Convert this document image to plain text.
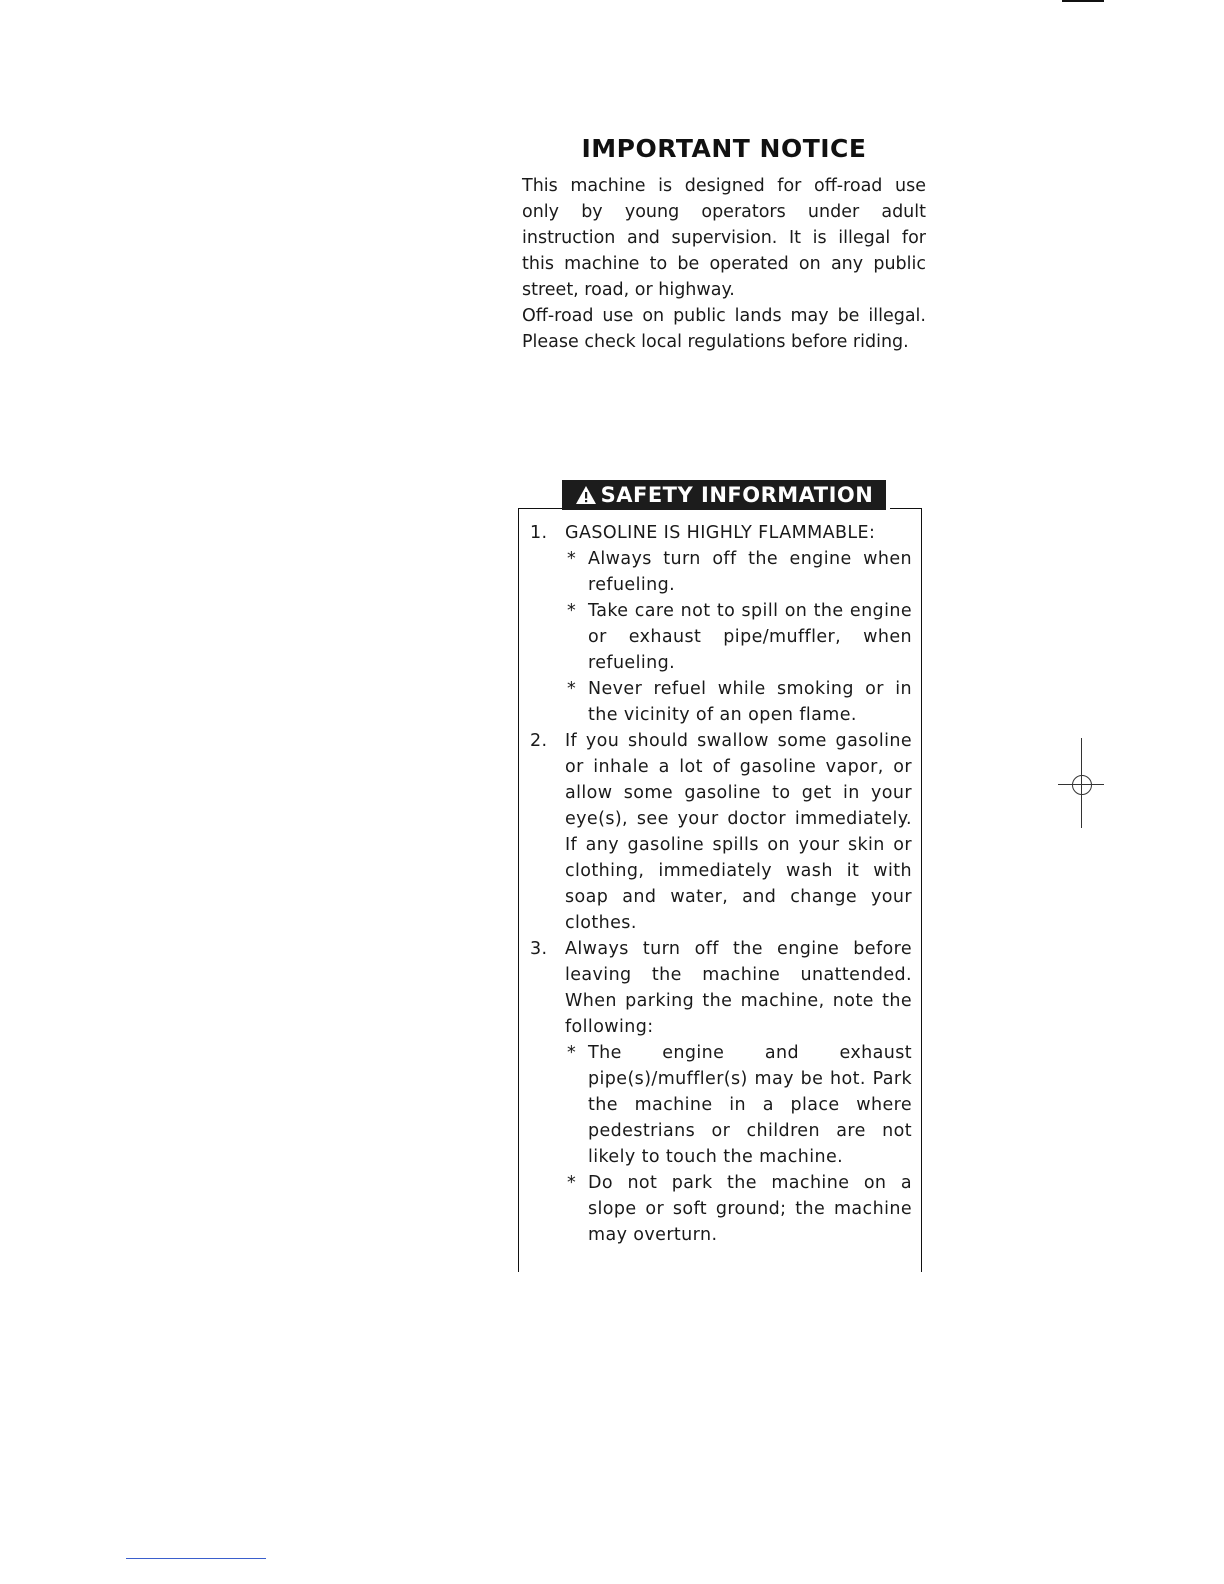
IMPORTANT NOTICE

This machine is designed for off-road use only by young operators under adult instruction and supervision. It is illegal for this machine to be operated on any public street, road, or highway.

Off-road use on public lands may be illegal. Please check local regulations before riding.

SAFETY INFORMATION
1.	GASOLINE IS HIGHLY FLAMMABLE:
* Always turn off the engine when refueling.
* Take care not to spill on the engine or exhaust pipe/muffler, when refueling.
* Never refuel while smoking or in the vicinity of an open flame.
2.	If you should swallow some gasoline or inhale a lot of gasoline vapor, or allow some gasoline to get in your eye(s), see your doctor immediately. If any gasoline spills on your skin or clothing, immediately wash it with soap and water, and change your clothes.
3.	Always turn off the engine before leaving the machine unattended. When parking the machine, note the following:
* The engine and exhaust pipe(s)/muffler(s) may be hot. Park the machine in a place where pedestrians or children are not likely to touch the machine.
* Do not park the machine on a slope or soft ground; the machine may overturn.
